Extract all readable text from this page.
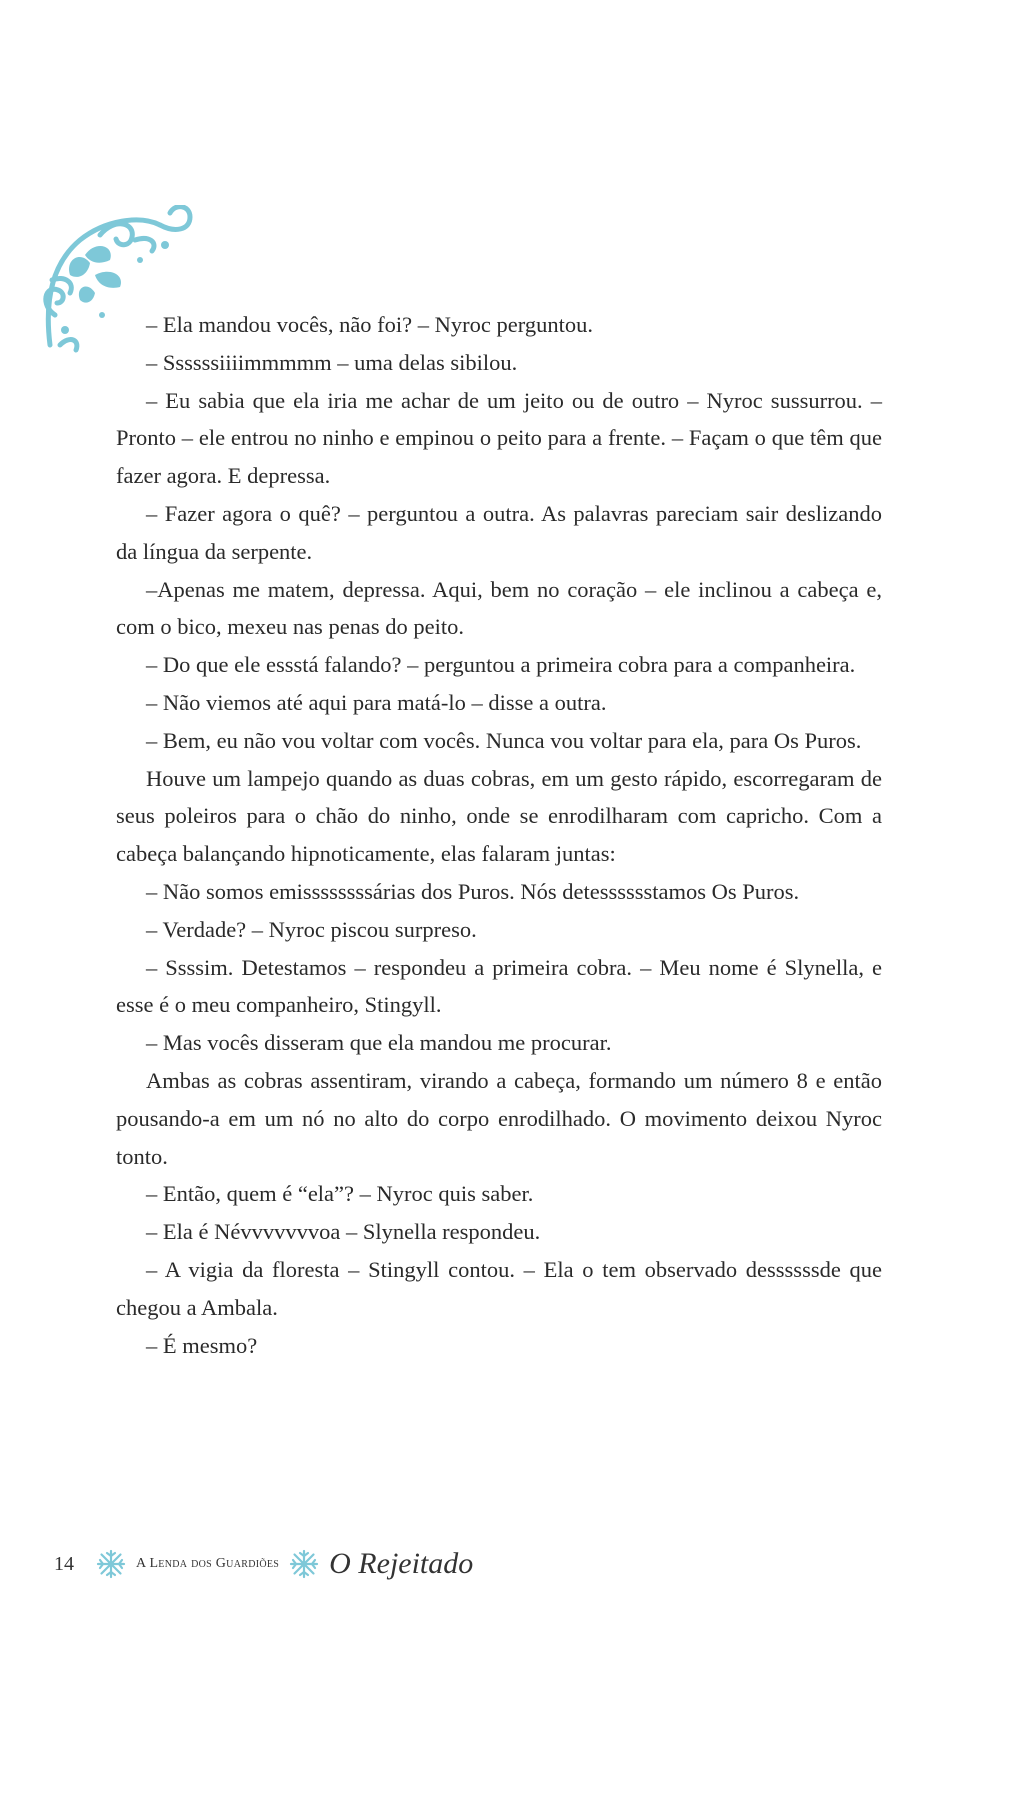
– Ela mandou vocês, não foi? – Nyroc perguntou.

– Ssssssiiiimmmmm – uma delas sibilou.

– Eu sabia que ela iria me achar de um jeito ou de outro – Nyroc sussurrou. – Pronto – ele entrou no ninho e empinou o peito para a frente. – Façam o que têm que fazer agora. E depressa.

– Fazer agora o quê? – perguntou a outra. As palavras pareciam sair deslizando da língua da serpente.

–Apenas me matem, depressa. Aqui, bem no coração – ele inclinou a cabeça e, com o bico, mexeu nas penas do peito.

– Do que ele essstá falando? – perguntou a primeira cobra para a companheira.

– Não viemos até aqui para matá-lo – disse a outra.

– Bem, eu não vou voltar com vocês. Nunca vou voltar para ela, para Os Puros.

Houve um lampejo quando as duas cobras, em um gesto rápido, escorregaram de seus poleiros para o chão do ninho, onde se enrodilharam com capricho. Com a cabeça balançando hipnoticamente, elas falaram juntas:

– Não somos emissssssssárias dos Puros. Nós detesssssstamos Os Puros.

– Verdade? – Nyroc piscou surpreso.

– Ssssim. Detestamos – respondeu a primeira cobra. – Meu nome é Slynella, e esse é o meu companheiro, Stingyll.

– Mas vocês disseram que ela mandou me procurar.

Ambas as cobras assentiram, virando a cabeça, formando um número 8 e então pousando-a em um nó no alto do corpo enrodilhado. O movimento deixou Nyroc tonto.

– Então, quem é “ela”? – Nyroc quis saber.

– Ela é Névvvvvvvoa – Slynella respondeu.

– A vigia da floresta – Stingyll contou. – Ela o tem observado dessssssde que chegou a Ambala.

– É mesmo?

14	A Lenda dos Guardiões O Rejeitado
